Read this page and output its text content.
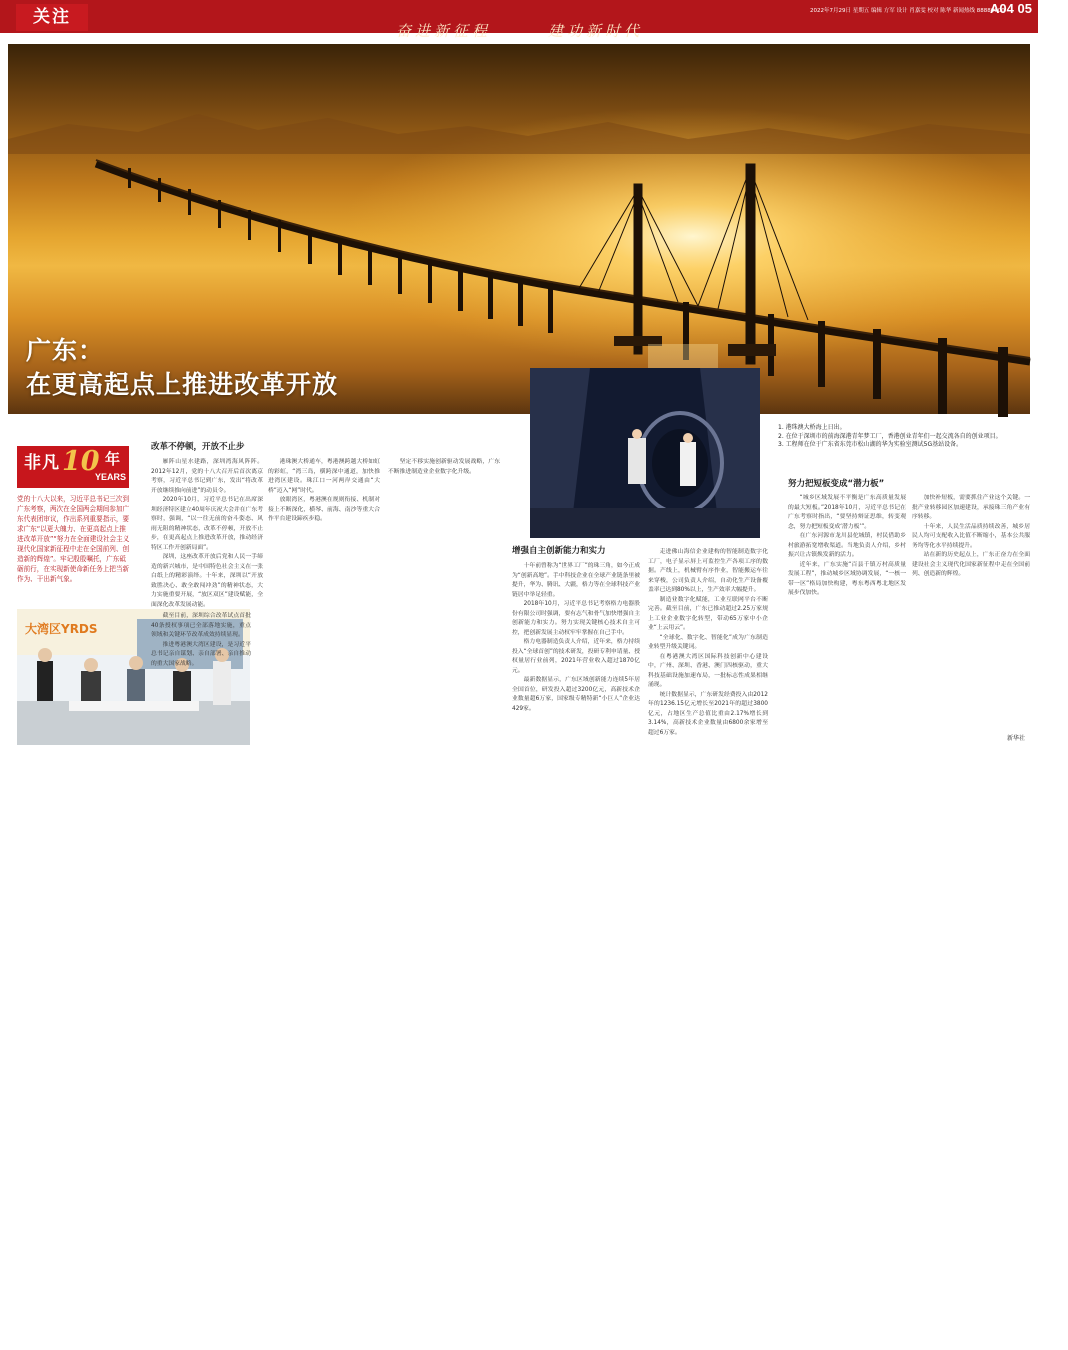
关注
奋进新征程	建功新时代
2022年7月29日 星期五 编辑 方军 设计 肖嘉雯 校对 陈华 新闻热线 88880000
A04 05
广东：
在更高起点上推进改革开放
1
3

1. 港珠澳大桥海上日出。

2. 在位于深圳市的前海深港青年梦工厂，香港创业青年们一起交流各自的创业项目。

3. 工程师在位于广东省东莞市松山湖的华为实验室测试5G基站设备。

非凡 10 年
YEARS
党的十八大以来，习近平总书记三次到广东考察，两次在全国两会期间参加广东代表团审议，作出系列重要指示，要求广东“以更大魄力、在更高起点上推进改革开放”“努力在全面建设社会主义现代化国家新征程中走在全国前列、创造新的辉煌”。牢记殷殷嘱托，广东砥砺前行，在实现新使命新任务上把当新作为、干出新气象。
大湾区YRDS
2
改革不停顿，开放不止步

雁阵山星水建路，深圳湾海风阵阵。2012年12月，党的十八大召开后首次离京考察，习近平总书记到广东，发出“将改革开放继续推向前进”的动员令。

2020年10月，习近平总书记在出席深圳经济特区建立40周年庆祝大会并在广东考察时，强调，“以一往无前的奋斗姿态、风雨无阻的精神状态，改革不停顿，开放不止步，在更高起点上推进改革开放，推动经济特区工作开创新局面”。

深圳，这座改革开放后党和人民一手缔造的新兴城市，是中国特色社会主义在一张白纸上的精彩演绎。十年来，深圳以“开放致胜决心、敢全敢闯冲劲”的精神状态，大力实施重要开展，“放区双区”建设赋能，全面深化改革发展动能。

截至目前，深圳综合改革试点首批40条授权事项已全部落地实施，重点领域和关键环节改革成效持续显现。

推进粤港澳大湾区建设，是习近平总书记亲自谋划、亲自部署、亲自推动的重大国家战略。

港珠澳大桥通车，粤港澳跨越大桥如虹的彩虹，“湾三岛，横跨深中通道，加快推进湾区建设。珠江口一河两岸交通由“大桥”迈入“网”时代。

放眼湾区，粤港澳在规则衔接、机制对接上不断深化，横琴、前海、南沙等重大合作平台建设蹄疾步稳。

坚定不移实施创新驱动发展战略，广东不断推进制造业企业数字化升级。

增强自主创新能力和实力

十年前曾称为“世界工厂”的珠三角，如今正成为“创新高地”。手中科技企业在全球产业链条里被提升，华为、腾讯、大疆，格力等在全球科技产业链居中举足轻重。

2018年10月，习近平总书记考察格力电器股份有限公司时强调，要有志气和骨气加快增强自主创新能力和实力。努力实现关键核心技术自主可控，把创新发展主动权牢牢掌握在自己手中。

格力电器制造负责人介绍，近年来，格力持续投入“全球首创”的技术研发，投研专利申请量、授权量居行业前列，2021年营业收入超过1870亿元。

最新数据显示，广东区域创新能力连续5年居全国首位，研发投入超过3200亿元，高新技术企业数量超6万家，国家级专精特新“小巨人”企业达429家。

走进佛山海信企业建构的智能制造数字化工厂，电子显示屏上可监控生产各项工序的数据。产线上，机械臂有序作业，智能搬运车往来穿梭，公司负责人介绍，自动化生产设备覆盖率已达到80%以上，生产效率大幅提升。

制造业数字化赋能，工业互联网平台不断完善。截至目前，广东已推动超过2.25万家规上工业企业数字化转型，带动65万家中小企业“上云用云”。

“全球化、数字化、智能化”成为广东制造业转型升级关键词。

在粤港澳大湾区国际科技创新中心建设中，广州、深圳、香港、澳门四核驱动，重大科技基础设施加速布局，一批标志性成果相继涌现。

统计数据显示，广东研发经费投入由2012年的1236.15亿元增长至2021年的超过3800亿元，占地区生产总值比重由2.17%增长到3.14%，高新技术企业数量由6800余家增至超过6万家。

努力把短板变成“潜力板”

“城乡区域发展不平衡是广东高质量发展的最大短板。”2018年10月，习近平总书记在广东考察时指出，“要坚持辩证思维，转变观念，努力把短板变成‘潜力板’”。

在广东河源市龙川县佗城镇，村民借助乡村旅游拓宽增收渠道。当地负责人介绍，乡村振兴让古镇焕发新的活力。

近年来，广东实施“百县千镇万村高质量发展工程”，推动城乡区域协调发展，“一核一带一区”格局加快构建，粤东粤西粤北地区发展步伐加快。

加快补短板，需要抓住产业这个关键。一批产业转移园区加速建设，承接珠三角产业有序转移。

十年来，人民生活品质持续改善，城乡居民人均可支配收入比值不断缩小，基本公共服务均等化水平持续提升。

站在新的历史起点上，广东正奋力在全面建设社会主义现代化国家新征程中走在全国前列、创造新的辉煌。

新华社
